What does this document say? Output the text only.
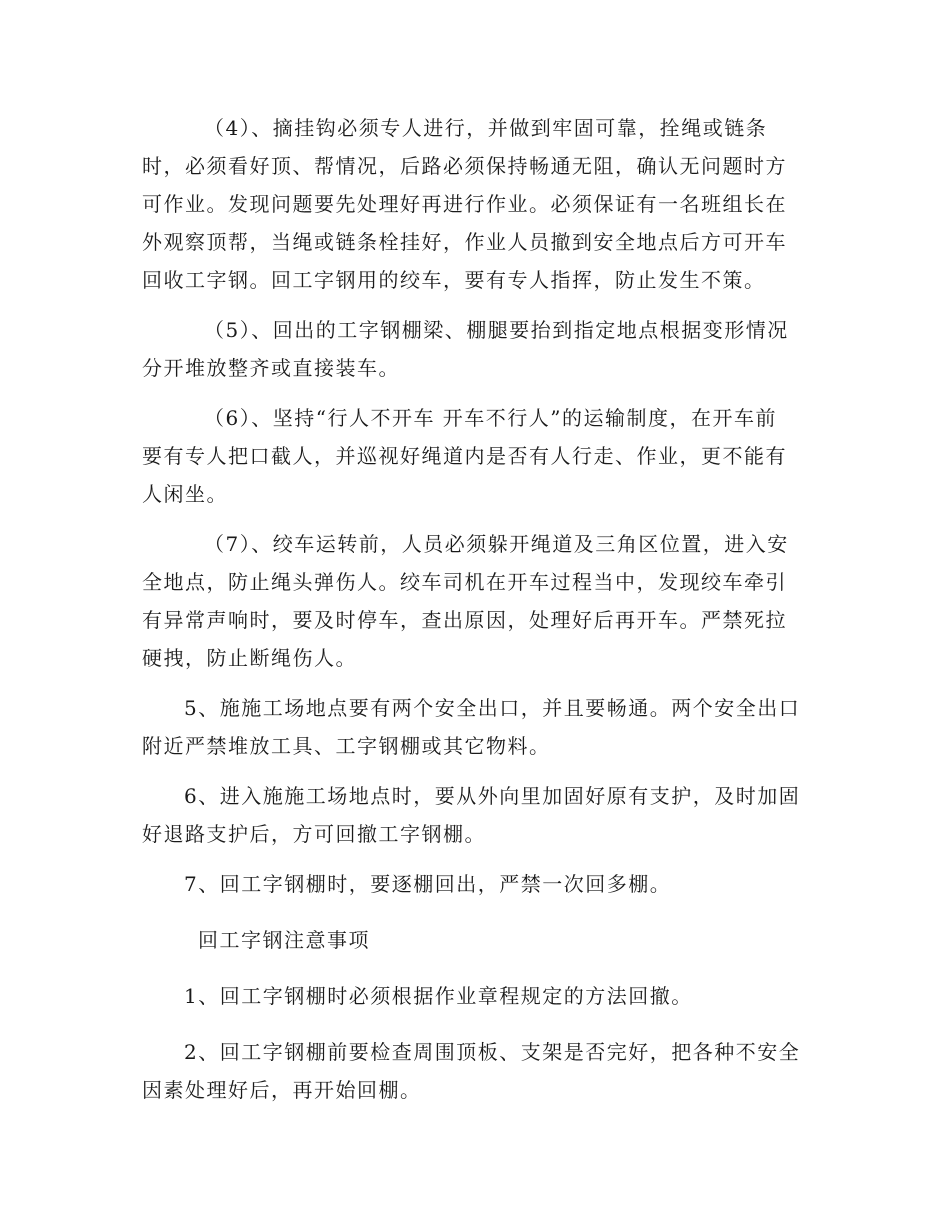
（4）、摘挂钩必须专人进行，并做到牢固可靠，拴绳或链条
时，必须看好顶、帮情况，后路必须保持畅通无阻，确认无问题时方
可作业。发现问题要先处理好再进行作业。必须保证有一名班组长在
外观察顶帮，当绳或链条栓挂好，作业人员撤到安全地点后方可开车
回收工字钢。回工字钢用的绞车，要有专人指挥，防止发生不策。

（5）、回出的工字钢棚梁、棚腿要抬到指定地点根据变形情况
分开堆放整齐或直接装车。

（6）、坚持“行人不开车 开车不行人”的运输制度，在开车前
要有专人把口截人，并巡视好绳道内是否有人行走、作业，更不能有
人闲坐。

（7）、绞车运转前，人员必须躲开绳道及三角区位置，进入安
全地点，防止绳头弹伤人。绞车司机在开车过程当中，发现绞车牵引
有异常声响时，要及时停车，查出原因，处理好后再开车。严禁死拉
硬拽，防止断绳伤人。

5、施施工场地点要有两个安全出口，并且要畅通。两个安全出口
附近严禁堆放工具、工字钢棚或其它物料。

6、进入施施工场地点时，要从外向里加固好原有支护，及时加固
好退路支护后，方可回撤工字钢棚。

7、回工字钢棚时，要逐棚回出，严禁一次回多棚。

回工字钢注意事项

1、回工字钢棚时必须根据作业章程规定的方法回撤。

2、回工字钢棚前要检查周围顶板、支架是否完好，把各种不安全
因素处理好后，再开始回棚。
